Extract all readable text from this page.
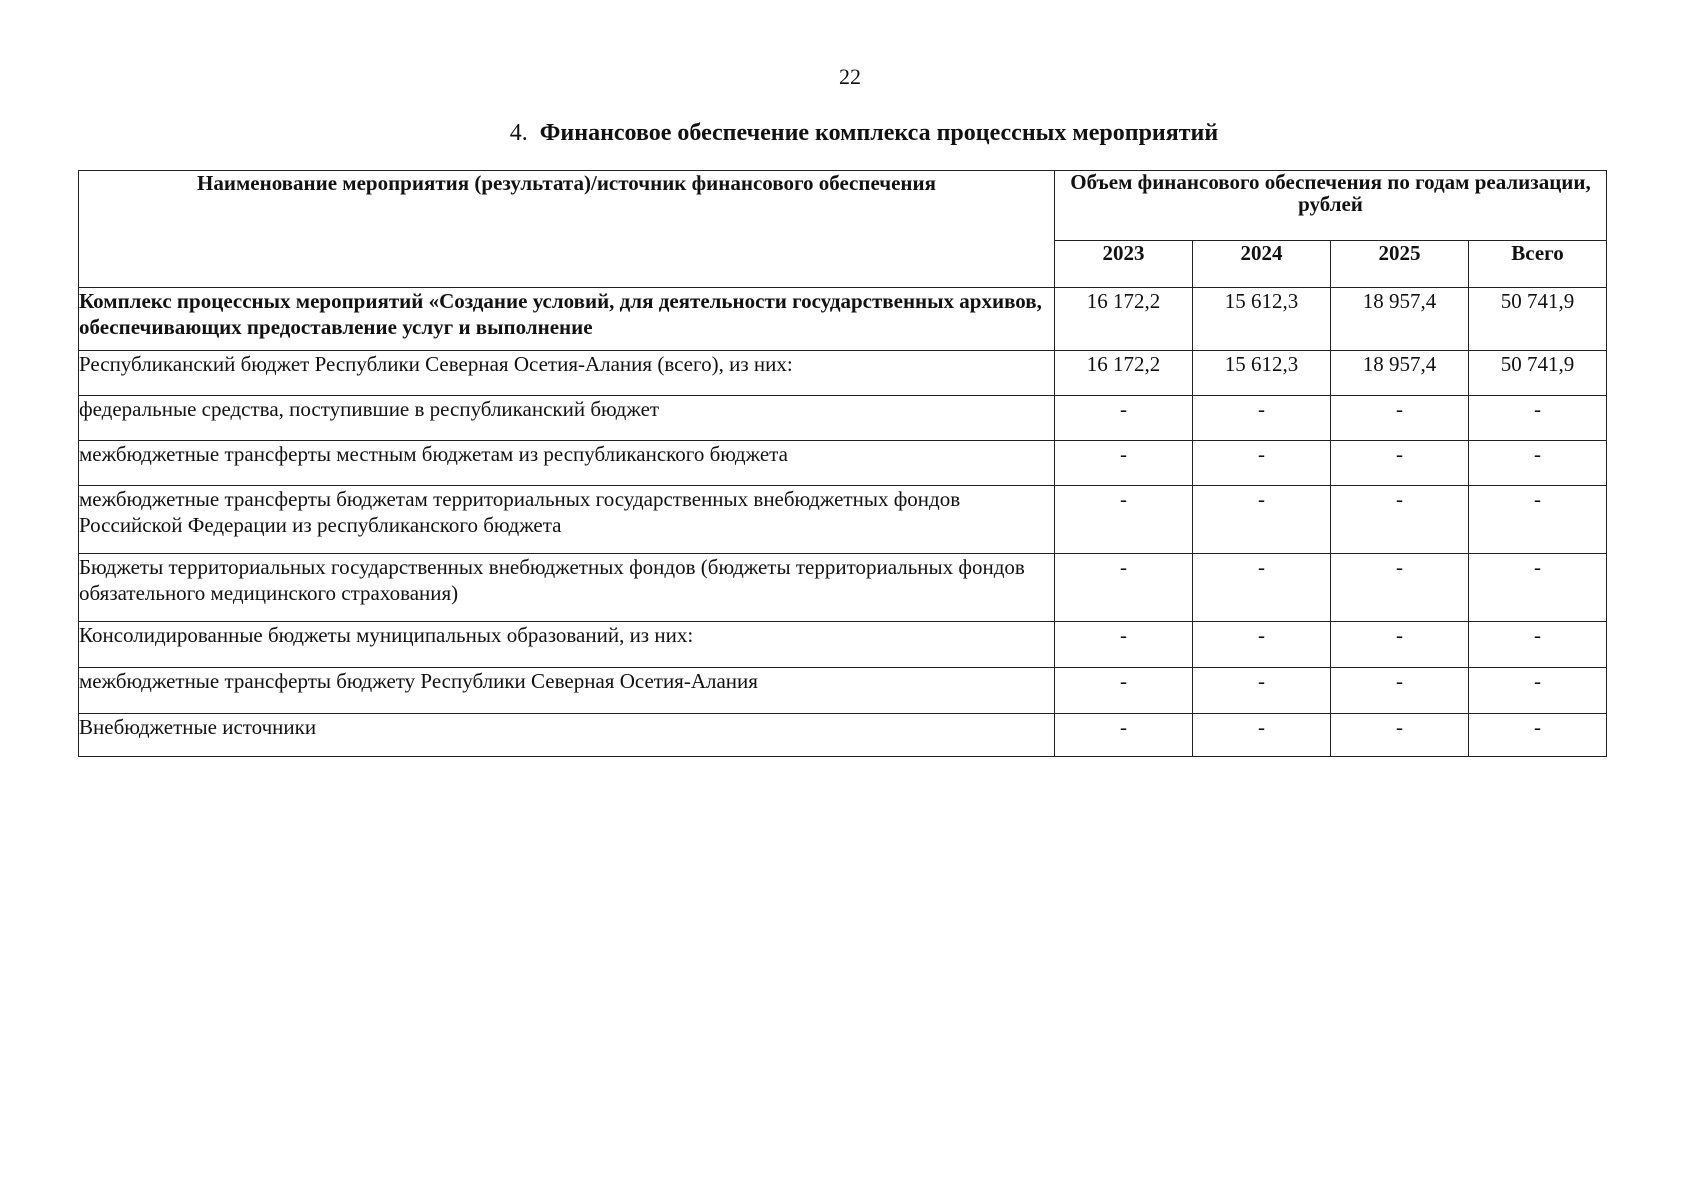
22
4. Финансовое обеспечение комплекса процессных мероприятий
Наименование мероприятия (результата)/источник финансового обеспечения	Объем финансового обеспечения по годам реализации, рублей			
	2023	2024	2025	Всего

Комплекс процессных мероприятий «Создание условий, для деятельности государственных архивов, обеспечивающих предоставление услуг и выполнение	16 172,2	15 612,3	18 957,4	50 741,9
Республиканский бюджет Республики Северная Осетия-Алания (всего), из них:	16 172,2	15 612,3	18 957,4	50 741,9
федеральные средства, поступившие в республиканский бюджет	-	-	-	-
межбюджетные трансферты местным бюджетам из республиканского бюджета	-	-	-	-
межбюджетные трансферты бюджетам территориальных государственных внебюджетных фондов Российской Федерации из республиканского бюджета	-	-	-	-
Бюджеты территориальных государственных внебюджетных фондов (бюджеты территориальных фондов обязательного медицинского страхования)	-	-	-	-
Консолидированные бюджеты муниципальных образований, из них:	-	-	-	-
межбюджетные трансферты бюджету Республики Северная Осетия-Алания	-	-	-	-
Внебюджетные источники	-	-	-	-
